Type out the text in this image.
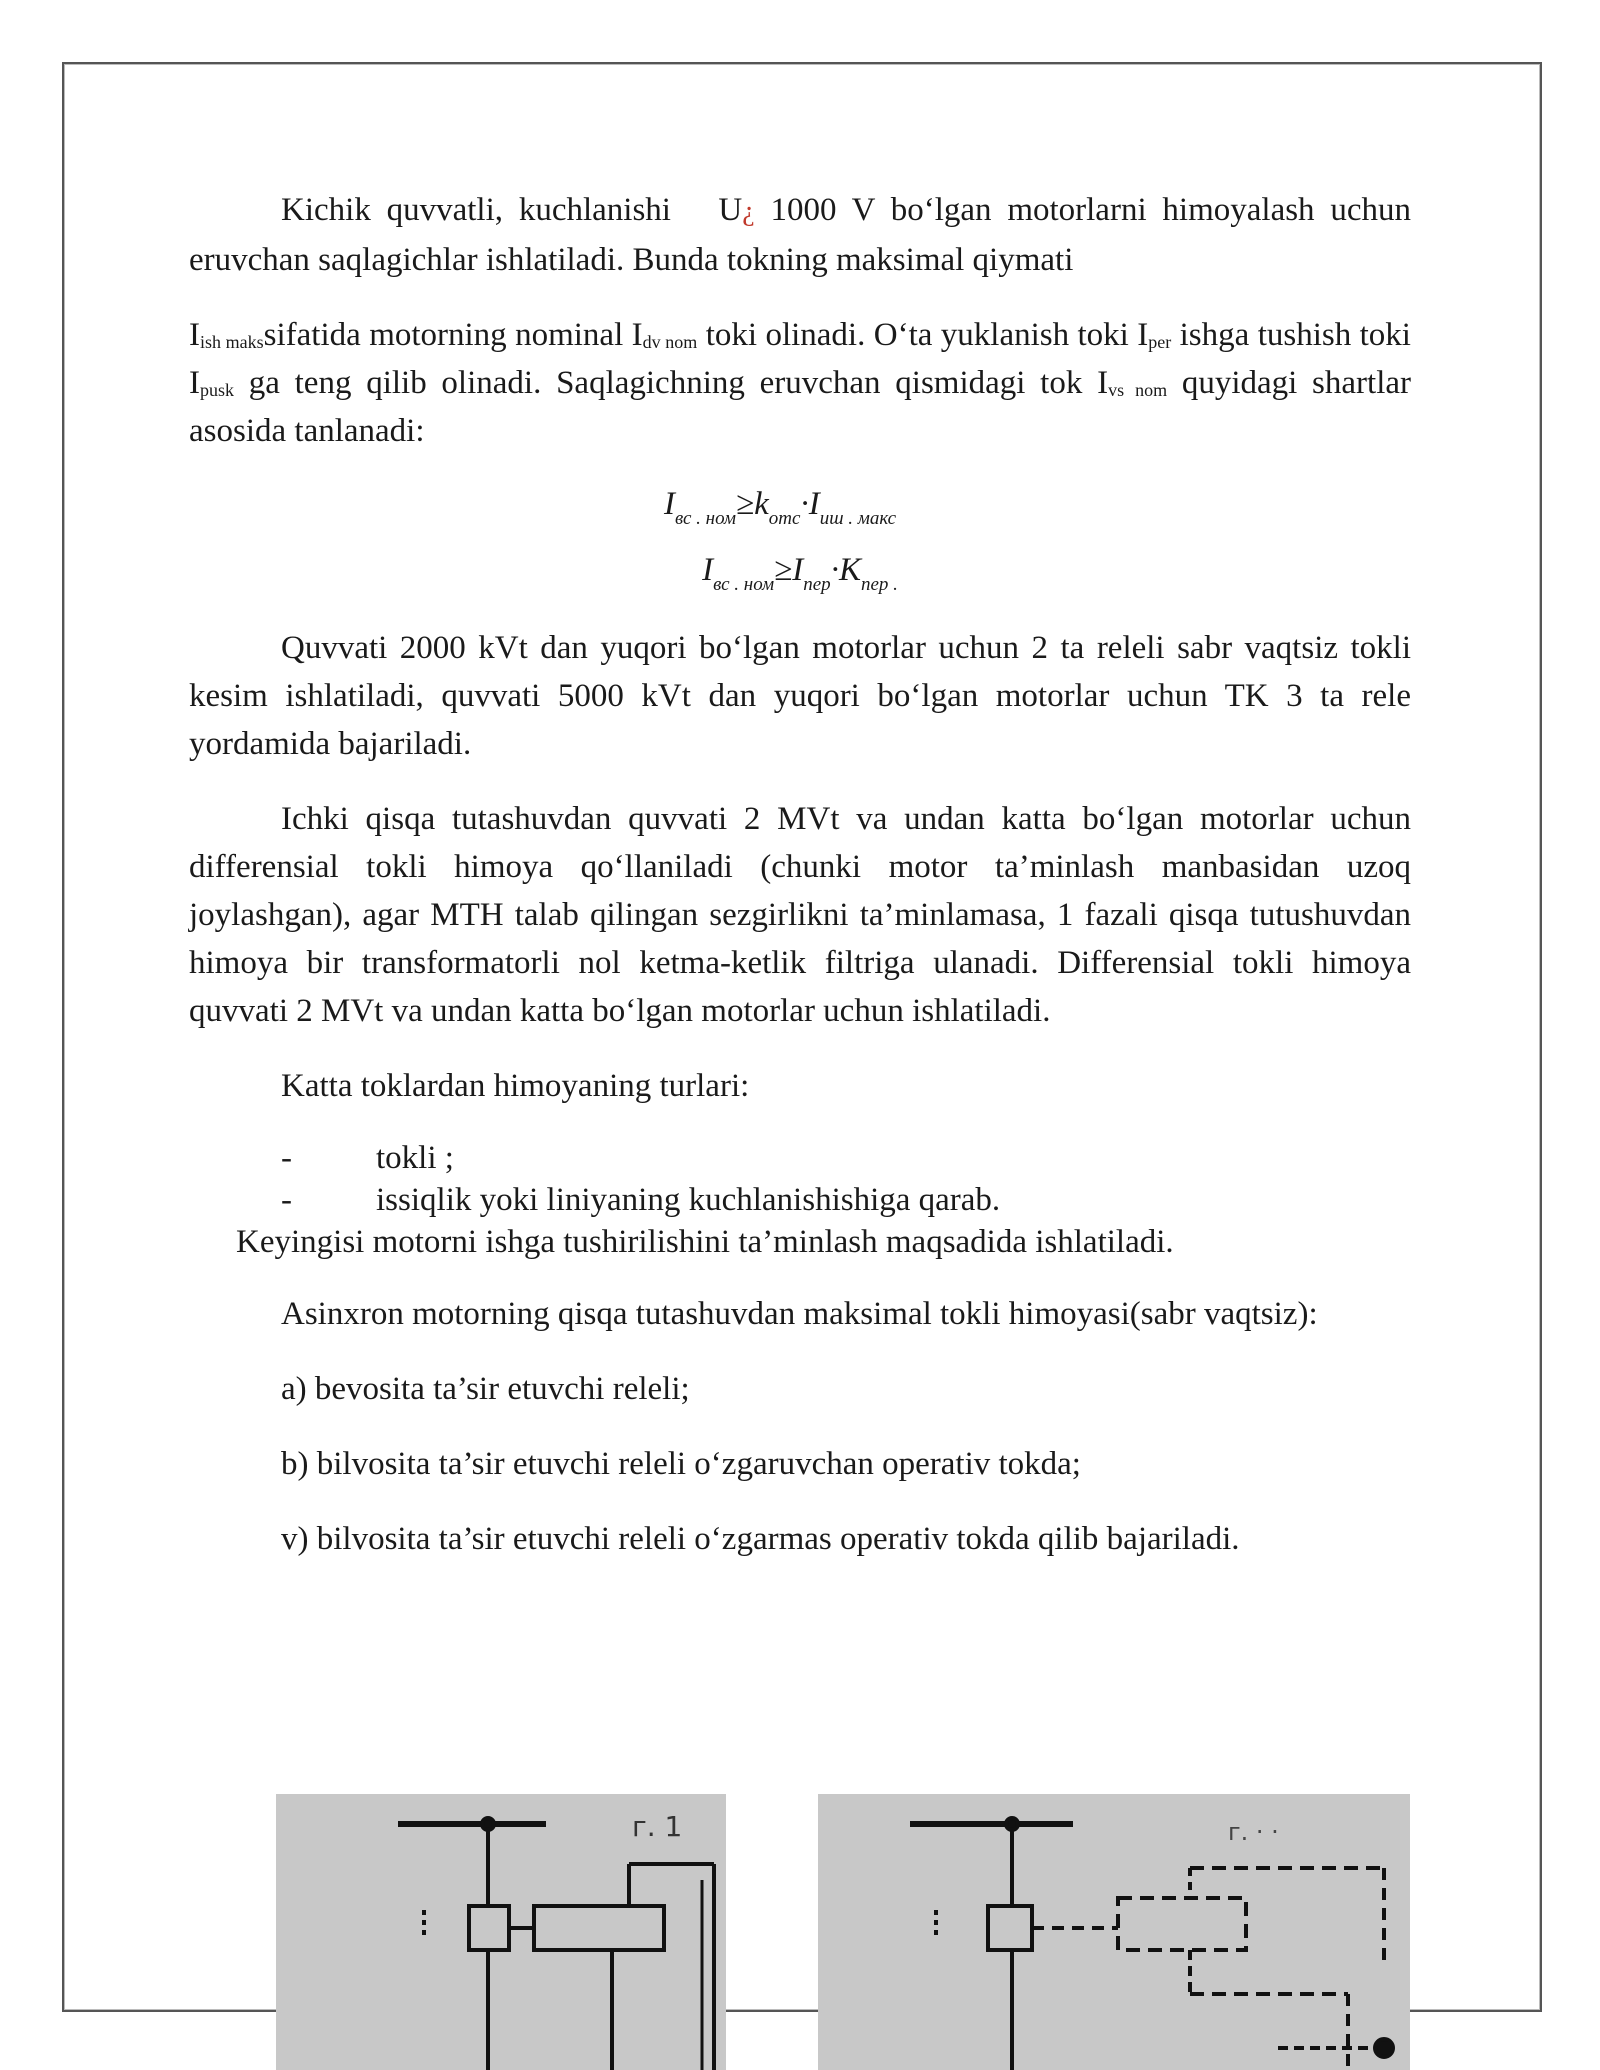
Kichik quvvatli, kuchlanishi U¿ 1000 V bo‘lgan motorlarni himoyalash uchun eruvchan saqlagichlar ishlatiladi. Bunda tokning maksimal qiymati

$I_{ish maks}sifatida$ motorning nominal $I_{dv nom}$ toki olinadi. O‘ta yuklanish toki $I_{per}$ ishga tushish toki $I_{pusk}$ ga teng qilib olinadi. Saqlagichning eruvchan qismidagi tok $I_{vs nom}$ quyidagi shartlar asosida tanlanadi:

$I_{вс . ном}\ge k_{отс}\cdot I_{иш . макс}$
$I_{вс . ном}\ge I_{пер}\cdot K_{пер .}$

Quvvati 2000 kVt dan yuqori bo‘lgan motorlar uchun 2 ta releli sabr vaqtsiz tokli kesim ishlatiladi, quvvati 5000 kVt dan yuqori bo‘lgan motorlar uchun TK 3 ta rele yordamida bajariladi.

Ichki qisqa tutashuvdan quvvati 2 MVt va undan katta bo‘lgan motorlar uchun differensial tokli himoya qo‘llaniladi (chunki motor ta’minlash manbasidan uzoq joylashgan), agar MTH talab qilingan sezgirlikni ta’minlamasa, 1 fazali qisqa tutushuvdan himoya bir transformatorli nol ketma-ketlik filtriga ulanadi. Differensial tokli himoya quvvati 2 MVt va undan katta bo‘lgan motorlar uchun ishlatiladi.

Katta toklardan himoyaning turlari:

-	tokli ;
-	issiqlik yoki liniyaning kuchlanishishiga qarab.
Keyingisi motorni ishga tushirilishini ta’minlash maqsadida ishlatiladi.

Asinxron motorning qisqa tutashuvdan maksimal tokli himoyasi(sabr vaqtsiz):

a) bevosita ta’sir etuvchi releli;
b) bilvosita ta’sir etuvchi releli o‘zgaruvchan operativ tokda;
v) bilvosita ta’sir etuvchi releli o‘zgarmas operativ tokda qilib bajariladi.
г. 1	г. · ·
